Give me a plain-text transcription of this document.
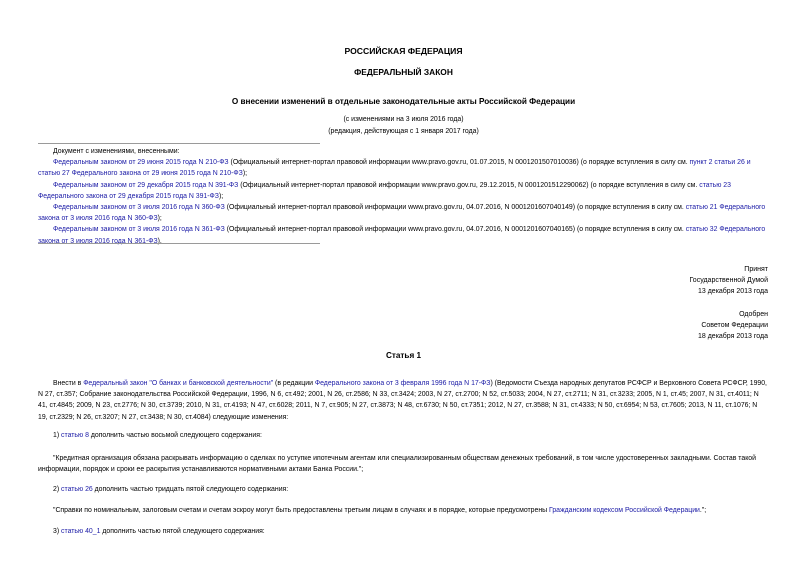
РОССИЙСКАЯ ФЕДЕРАЦИЯ
ФЕДЕРАЛЬНЫЙ ЗАКОН
О внесении изменений в отдельные законодательные акты Российской Федерации
(с изменениями на 3 июля 2016 года)
(редакция, действующая с 1 января 2017 года)

Документ с изменениями, внесенными:

Федеральным законом от 29 июня 2015 года N 210-ФЗ (Официальный интернет-портал правовой информации www.pravo.gov.ru, 01.07.2015, N 0001201507010036) (о порядке вступления в силу см. пункт 2 статьи 26 и статью 27 Федерального закона от 29 июня 2015 года N 210-ФЗ);

Федеральным законом от 29 декабря 2015 года N 391-ФЗ (Официальный интернет-портал правовой информации www.pravo.gov.ru, 29.12.2015, N 0001201512290062) (о порядке вступления в силу см. статью 23 Федерального закона от 29 декабря 2015 года N 391-ФЗ);

Федеральным законом от 3 июля 2016 года N 360-ФЗ (Официальный интернет-портал правовой информации www.pravo.gov.ru, 04.07.2016, N 0001201607040149) (о порядке вступления в силу см. статью 21 Федерального закона от 3 июля 2016 года N 360-ФЗ);

Федеральным законом от 3 июля 2016 года N 361-ФЗ (Официальный интернет-портал правовой информации www.pravo.gov.ru, 04.07.2016, N 0001201607040165) (о порядке вступления в силу см. статью 32 Федерального закона от 3 июля 2016 года N 361-ФЗ).

Принят

Государственной Думой

13 декабря 2013 года

Одобрен

Советом Федерации

18 декабря 2013 года

Статья 1

Внести в Федеральный закон "О банках и банковской деятельности" (в редакции Федерального закона от 3 февраля 1996 года N 17-ФЗ) (Ведомости Съезда народных депутатов РСФСР и Верховного Совета РСФСР, 1990, N 27, ст.357; Собрание законодательства Российской Федерации, 1996, N 6, ст.492; 2001, N 26, ст.2586; N 33, ст.3424; 2003, N 27, ст.2700; N 52, ст.5033; 2004, N 27, ст.2711; N 31, ст.3233; 2005, N 1, ст.45; 2007, N 31, ст.4011; N 41, ст.4845; 2009, N 23, ст.2776; N 30, ст.3739; 2010, N 31, ст.4193; N 47, ст.6028; 2011, N 7, ст.905; N 27, ст.3873; N 48, ст.6730; N 50, ст.7351; 2012, N 27, ст.3588; N 31, ст.4333; N 50, ст.6954; N 53, ст.7605; 2013, N 11, ст.1076; N 19, ст.2329; N 26, ст.3207; N 27, ст.3438; N 30, ст.4084) следующие изменения:

1) статью 8 дополнить частью восьмой следующего содержания:

"Кредитная организация обязана раскрывать информацию о сделках по уступке ипотечным агентам или специализированным обществам денежных требований, в том числе удостоверенных закладными. Состав такой информации, порядок и сроки ее раскрытия устанавливаются нормативными актами Банка России.";

2) статью 26 дополнить частью тридцать пятой следующего содержания:

"Справки по номинальным, залоговым счетам и счетам эскроу могут быть предоставлены третьим лицам в случаях и в порядке, которые предусмотрены Гражданским кодексом Российской Федерации.";

3) статью 40_1 дополнить частью пятой следующего содержания:
